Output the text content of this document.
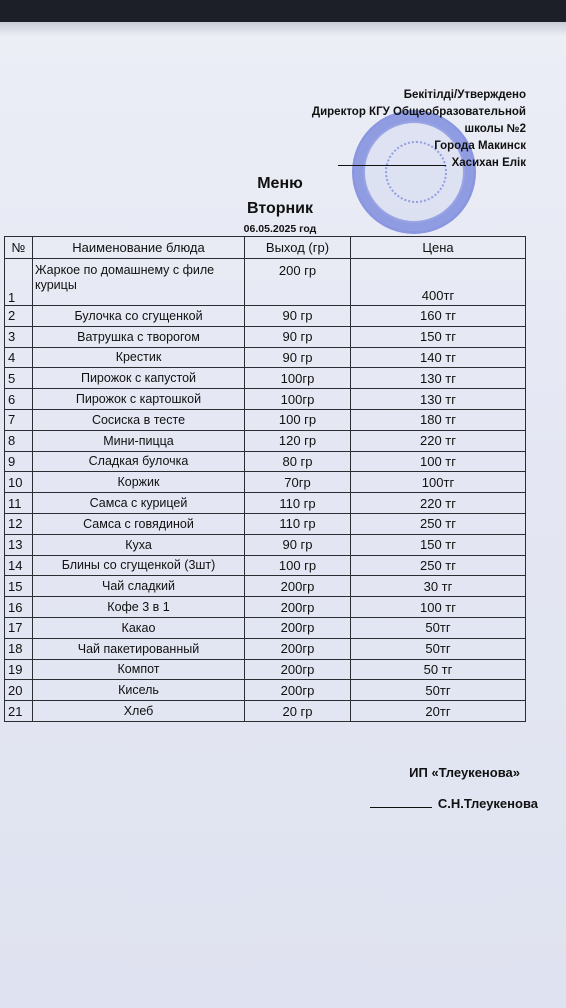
Бекітілді/Утверждено
Директор КГУ Общеобразовательной
школы №2
Города Макинск
Хасихан Елік
Меню
Вторник
06.05.2025 год
№	Наименование блюда	Выход (гр)	Цена
1	Жаркое по домашнему с филе курицы	200 гр	400тг
2	Булочка со сгущенкой	90 гр	160 тг
3	Ватрушка с творогом	90 гр	150 тг
4	Крестик	90 гр	140 тг
5	Пирожок с капустой	100гр	130 тг
6	Пирожок с картошкой	100гр	130 тг
7	Сосиска в тесте	100 гр	180 тг
8	Мини-пицца	120 гр	220 тг
9	Сладкая булочка	80 гр	100 тг
10	Коржик	70гр	100тг
11	Самса с курицей	110 гр	220 тг
12	Самса с говядиной	110 гр	250 тг
13	Куха	90 гр	150 тг
14	Блины со сгущенкой (3шт)	100 гр	250 тг
15	Чай сладкий	200гр	30 тг
16	Кофе 3 в 1	200гр	100 тг
17	Какао	200гр	50тг
18	Чай пакетированный	200гр	50тг
19	Компот	200гр	50 тг
20	Кисель	200гр	50тг
21	Хлеб	20 гр	20тг
ИП «Тлеукенова»
С.Н.Тлеукенова
